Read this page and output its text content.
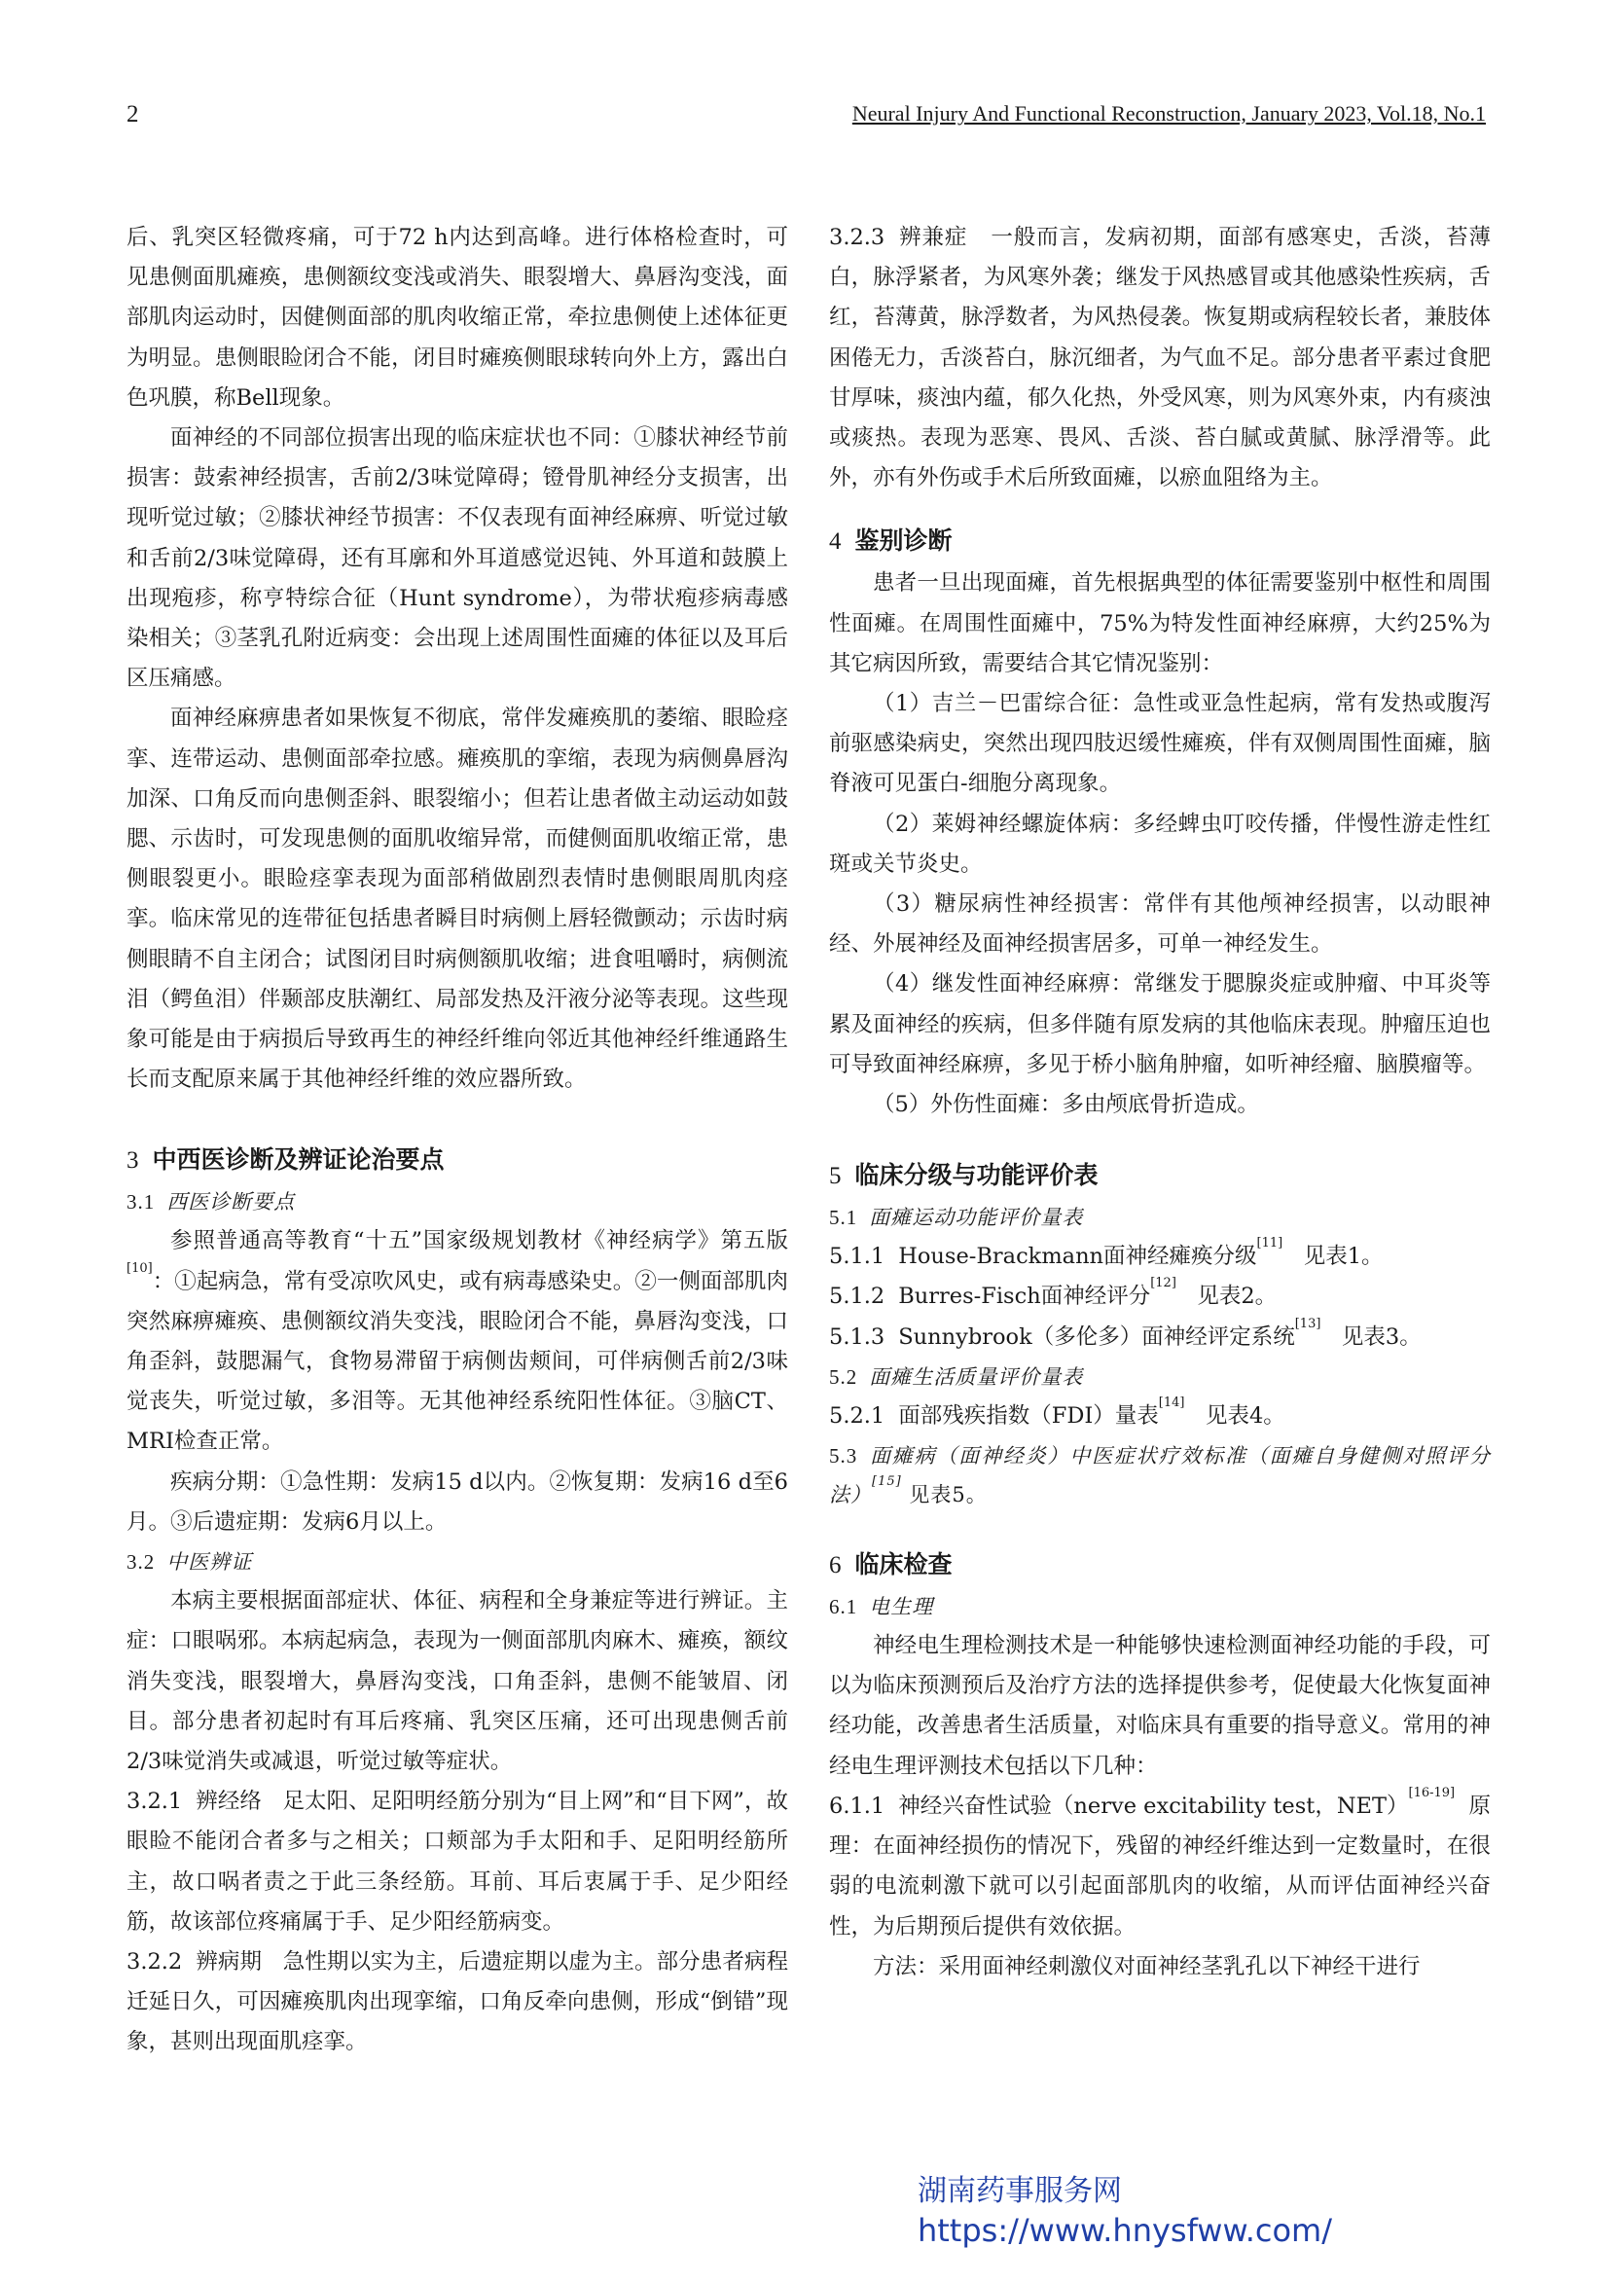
2	Neural Injury And Functional Reconstruction, January 2023, Vol.18, No.1

后、乳突区轻微疼痛，可于72 h内达到高峰。进行体格检查时，可见患侧面肌瘫痪，患侧额纹变浅或消失、眼裂增大、鼻唇沟变浅，面部肌肉运动时，因健侧面部的肌肉收缩正常，牵拉患侧使上述体征更为明显。患侧眼睑闭合不能，闭目时瘫痪侧眼球转向外上方，露出白色巩膜，称Bell现象。

面神经的不同部位损害出现的临床症状也不同：①膝状神经节前损害：鼓索神经损害，舌前2/3味觉障碍；镫骨肌神经分支损害，出现听觉过敏；②膝状神经节损害：不仅表现有面神经麻痹、听觉过敏和舌前2/3味觉障碍，还有耳廓和外耳道感觉迟钝、外耳道和鼓膜上出现疱疹，称亨特综合征（Hunt syndrome），为带状疱疹病毒感染相关；③茎乳孔附近病变：会出现上述周围性面瘫的体征以及耳后区压痛感。

面神经麻痹患者如果恢复不彻底，常伴发瘫痪肌的萎缩、眼睑痉挛、连带运动、患侧面部牵拉感。瘫痪肌的挛缩，表现为病侧鼻唇沟加深、口角反而向患侧歪斜、眼裂缩小；但若让患者做主动运动如鼓腮、示齿时，可发现患侧的面肌收缩异常，而健侧面肌收缩正常，患侧眼裂更小。眼睑痉挛表现为面部稍做剧烈表情时患侧眼周肌肉痉挛。临床常见的连带征包括患者瞬目时病侧上唇轻微颤动；示齿时病侧眼睛不自主闭合；试图闭目时病侧额肌收缩；进食咀嚼时，病侧流泪（鳄鱼泪）伴颞部皮肤潮红、局部发热及汗液分泌等表现。这些现象可能是由于病损后导致再生的神经纤维向邻近其他神经纤维通路生长而支配原来属于其他神经纤维的效应器所致。

3 中西医诊断及辨证论治要点
3.1 西医诊断要点

参照普通高等教育“十五”国家级规划教材《神经病学》第五版[10]：①起病急，常有受凉吹风史，或有病毒感染史。②一侧面部肌肉突然麻痹瘫痪、患侧额纹消失变浅，眼睑闭合不能，鼻唇沟变浅，口角歪斜，鼓腮漏气，食物易滞留于病侧齿颊间，可伴病侧舌前2/3味觉丧失，听觉过敏，多泪等。无其他神经系统阳性体征。③脑CT、MRI检查正常。

疾病分期：①急性期：发病15 d以内。②恢复期：发病16 d至6月。③后遗症期：发病6月以上。

3.2 中医辨证

本病主要根据面部症状、体征、病程和全身兼症等进行辨证。主症：口眼㖞邪。本病起病急，表现为一侧面部肌肉麻木、瘫痪，额纹消失变浅，眼裂增大，鼻唇沟变浅，口角歪斜，患侧不能皱眉、闭目。部分患者初起时有耳后疼痛、乳突区压痛，还可出现患侧舌前2/3味觉消失或减退，听觉过敏等症状。

3.2.1 辨经络 足太阳、足阳明经筋分别为“目上网”和“目下网”，故眼睑不能闭合者多与之相关；口颊部为手太阳和手、足阳明经筋所主，故口㖞者责之于此三条经筋。耳前、耳后衷属于手、足少阳经筋，故该部位疼痛属于手、足少阳经筋病变。

3.2.2 辨病期 急性期以实为主，后遗症期以虚为主。部分患者病程迁延日久，可因瘫痪肌肉出现挛缩，口角反牵向患侧，形成“倒错”现象，甚则出现面肌痉挛。

3.2.3 辨兼症 一般而言，发病初期，面部有感寒史，舌淡，苔薄白，脉浮紧者，为风寒外袭；继发于风热感冒或其他感染性疾病，舌红，苔薄黄，脉浮数者，为风热侵袭。恢复期或病程较长者，兼肢体困倦无力，舌淡苔白，脉沉细者，为气血不足。部分患者平素过食肥甘厚味，痰浊内蕴，郁久化热，外受风寒，则为风寒外束，内有痰浊或痰热。表现为恶寒、畏风、舌淡、苔白腻或黄腻、脉浮滑等。此外，亦有外伤或手术后所致面瘫，以瘀血阻络为主。

4 鉴别诊断

患者一旦出现面瘫，首先根据典型的体征需要鉴别中枢性和周围性面瘫。在周围性面瘫中，75%为特发性面神经麻痹，大约25%为其它病因所致，需要结合其它情况鉴别：

（1）吉兰－巴雷综合征：急性或亚急性起病，常有发热或腹泻前驱感染病史，突然出现四肢迟缓性瘫痪，伴有双侧周围性面瘫，脑脊液可见蛋白-细胞分离现象。

（2）莱姆神经螺旋体病：多经蜱虫叮咬传播，伴慢性游走性红斑或关节炎史。

（3）糖尿病性神经损害：常伴有其他颅神经损害，以动眼神经、外展神经及面神经损害居多，可单一神经发生。

（4）继发性面神经麻痹：常继发于腮腺炎症或肿瘤、中耳炎等累及面神经的疾病，但多伴随有原发病的其他临床表现。肿瘤压迫也可导致面神经麻痹，多见于桥小脑角肿瘤，如听神经瘤、脑膜瘤等。

（5）外伤性面瘫：多由颅底骨折造成。

5 临床分级与功能评价表
5.1 面瘫运动功能评价量表

5.1.1 House-Brackmann面神经瘫痪分级[11]   见表1。

5.1.2 Burres-Fisch面神经评分[12]   见表2。

5.1.3 Sunnybrook（多伦多）面神经评定系统[13]   见表3。

5.2 面瘫生活质量评价量表

5.2.1 面部残疾指数（FDI）量表[14]   见表4。

5.3 面瘫病（面神经炎）中医症状疗效标准（面瘫自身健侧对照评分法）[15] 见表5。
6 临床检查
6.1 电生理

神经电生理检测技术是一种能够快速检测面神经功能的手段，可以为临床预测预后及治疗方法的选择提供参考，促使最大化恢复面神经功能，改善患者生活质量，对临床具有重要的指导意义。常用的神经电生理评测技术包括以下几种：

6.1.1 神经兴奋性试验（nerve excitability test，NET）[16-19]  原理：在面神经损伤的情况下，残留的神经纤维达到一定数量时，在很弱的电流刺激下就可以引起面部肌肉的收缩，从而评估面神经兴奋性，为后期预后提供有效依据。

方法：采用面神经刺激仪对面神经茎乳孔以下神经干进行

湖南药事服务网
https://www.hnysfww.com/
